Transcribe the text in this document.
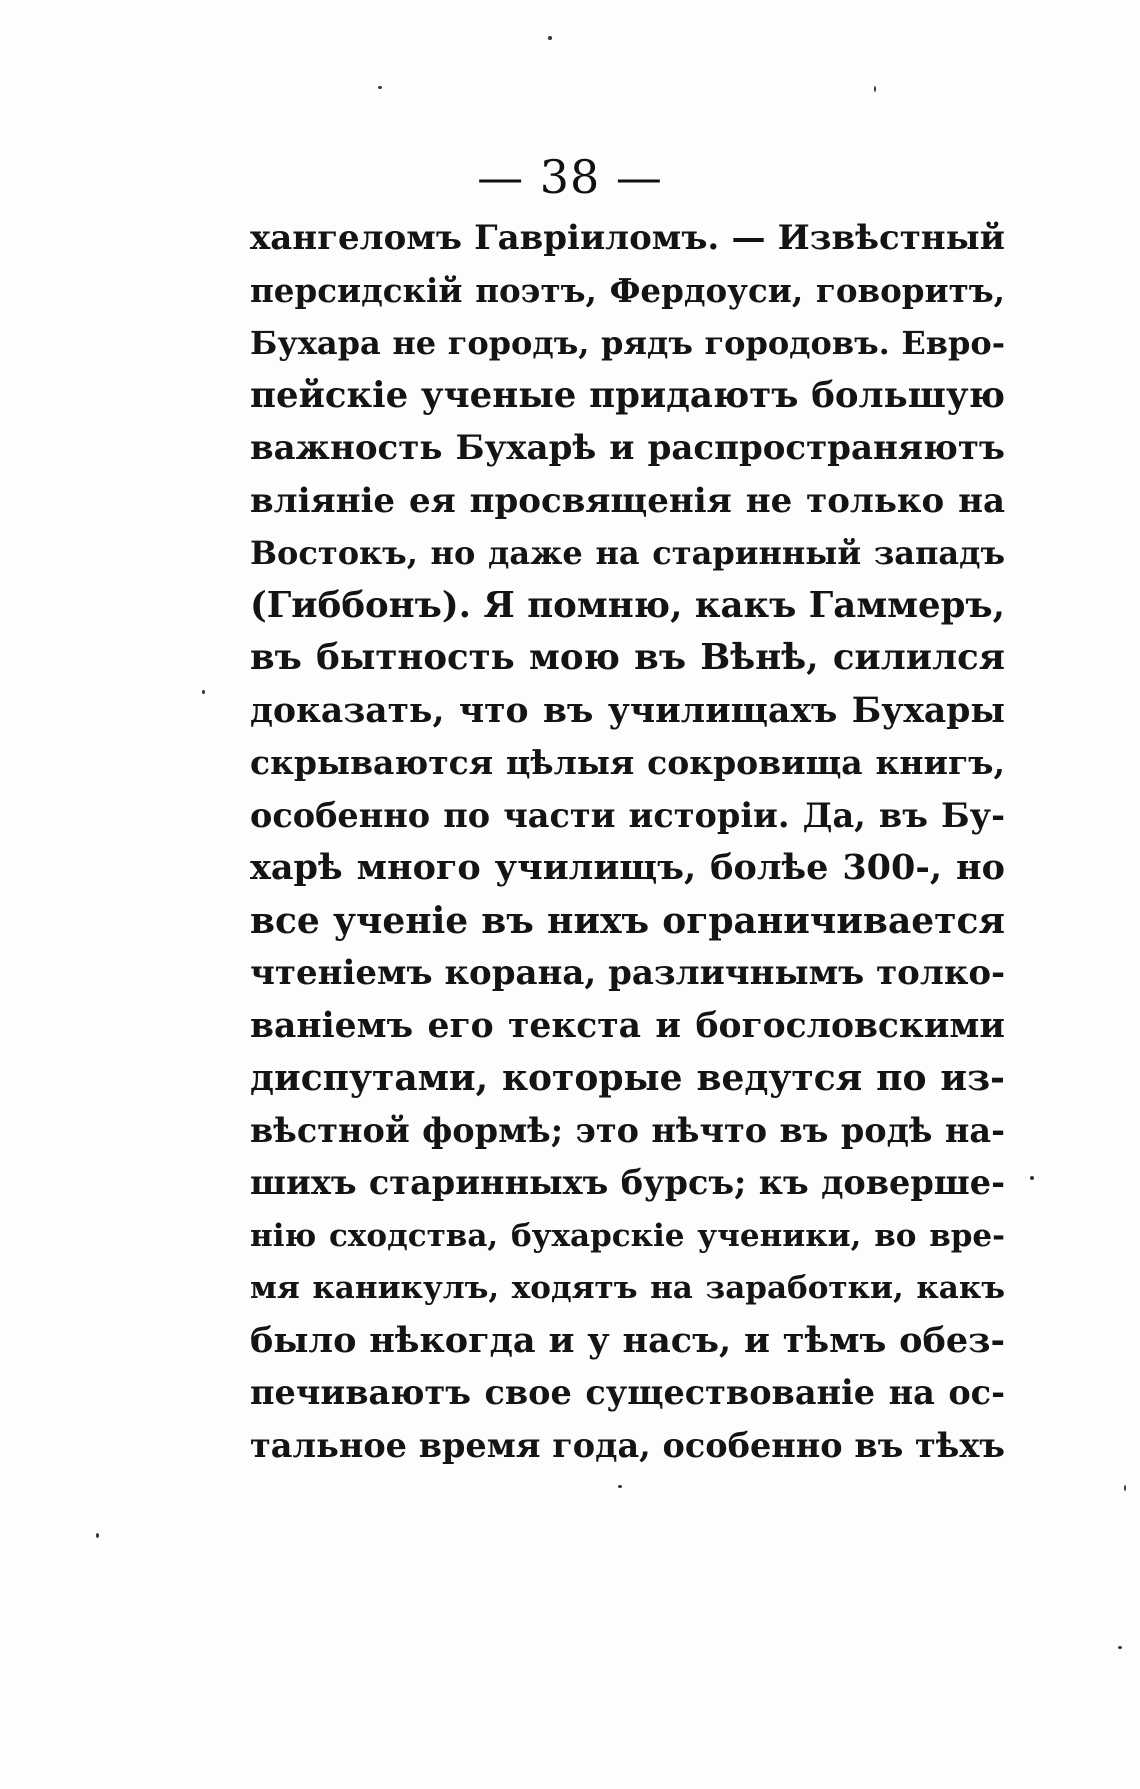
— 38 —
хангеломъ Гавріиломъ. — Извѣстный
персидскій поэтъ, Фердоуси, говоритъ,
Бухара не городъ, рядъ городовъ. Евро-
пейскіе ученые придаютъ большую
важность Бухарѣ и распространяютъ
вліяніе ея просвященія не только на
Востокъ, но даже на старинный западъ
(Гиббонъ). Я помню, какъ Гаммеръ,
въ бытность мою въ Вѣнѣ, силился
доказать, что въ училищахъ Бухары
скрываются цѣлыя сокровища книгъ,
особенно по части исторіи. Да, въ Бу-
харѣ много училищъ, болѣе 300-, но
все ученіе въ нихъ ограничивается
чтеніемъ корана, различнымъ толко-
ваніемъ его текста и богословскими
диспутами, которые ведутся по из-
вѣстной формѣ; это нѣчто въ родѣ на-
шихъ старинныхъ бурсъ; къ доверше-
нію сходства, бухарскіе ученики, во вре-
мя каникулъ, ходятъ на заработки, какъ
было нѣкогда и у насъ, и тѣмъ обез-
печиваютъ свое существованіе на ос-
тальное время года, особенно въ тѣхъ
